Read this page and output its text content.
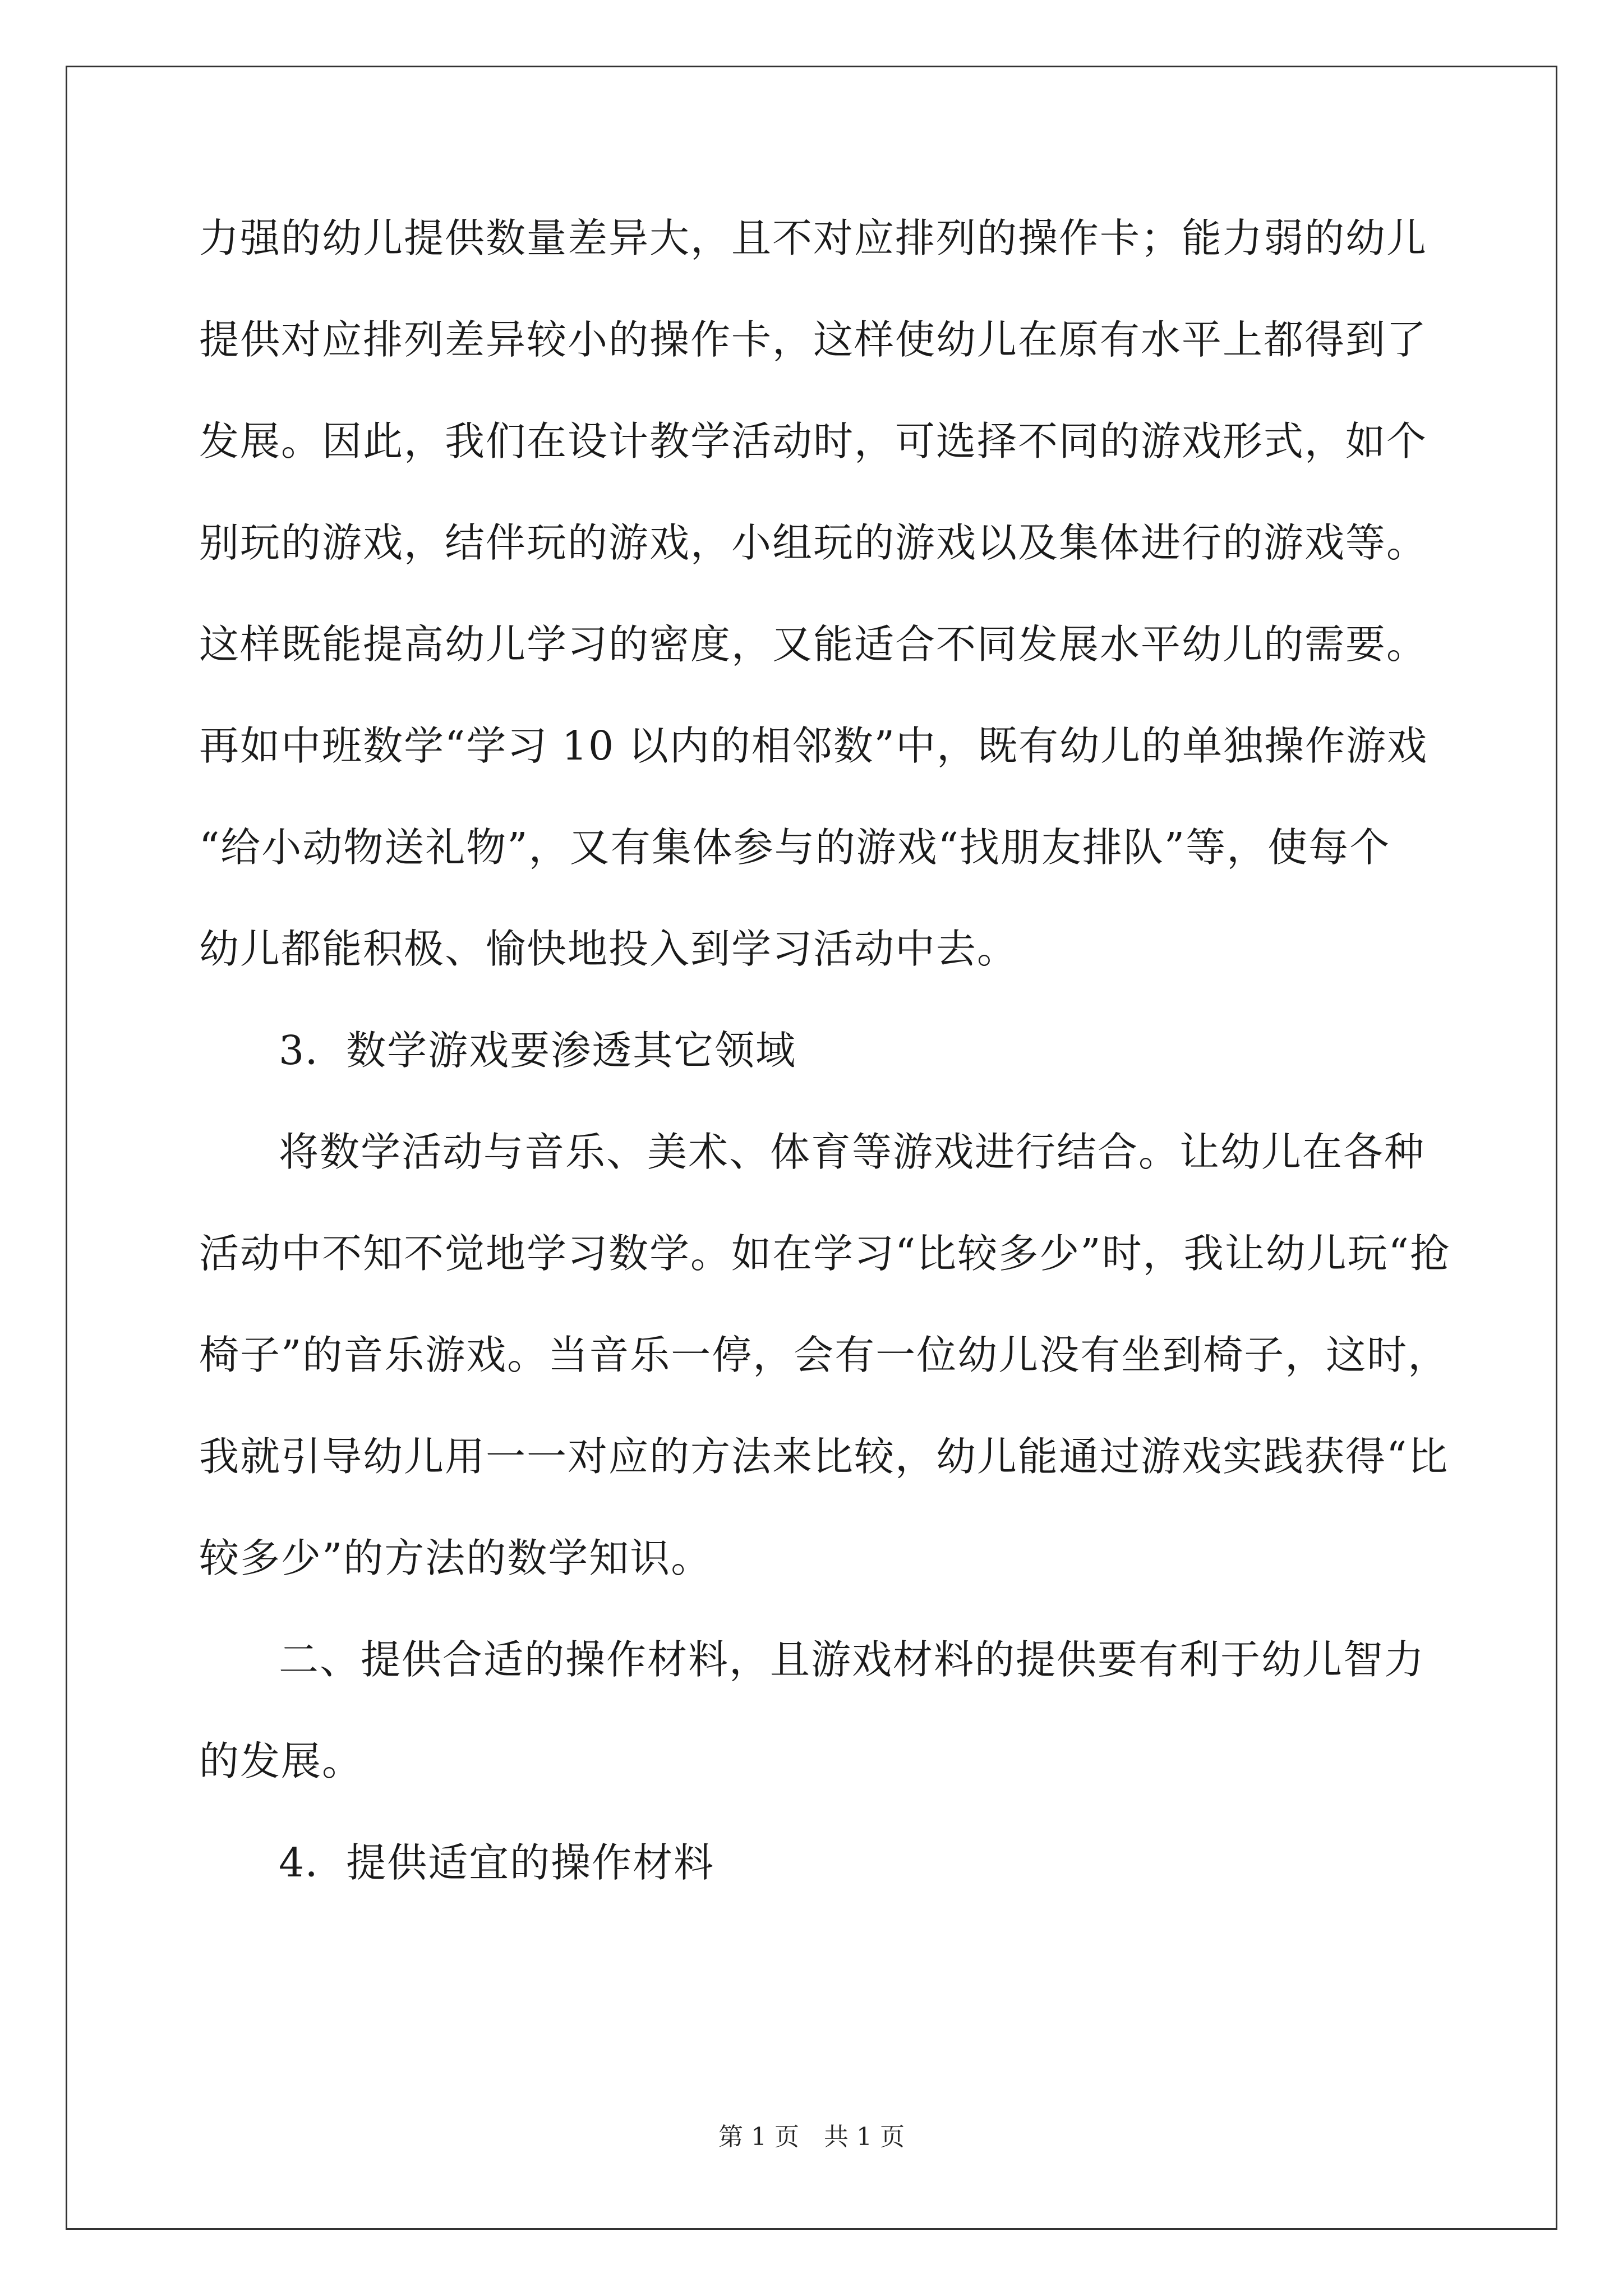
力强的幼儿提供数量差异大，且不对应排列的操作卡；能力弱的幼儿
提供对应排列差异较小的操作卡，这样使幼儿在原有水平上都得到了
发展。因此，我们在设计教学活动时，可选择不同的游戏形式，如个
别玩的游戏，结伴玩的游戏，小组玩的游戏以及集体进行的游戏等。
这样既能提高幼儿学习的密度，又能适合不同发展水平幼儿的需要。
再如中班数学“学习 10 以内的相邻数”中，既有幼儿的单独操作游戏
“给小动物送礼物”，又有集体参与的游戏“找朋友排队”等，使每个
幼儿都能积极、愉快地投入到学习活动中去。
3．数学游戏要渗透其它领域
将数学活动与音乐、美术、体育等游戏进行结合。让幼儿在各种
活动中不知不觉地学习数学。如在学习“比较多少”时，我让幼儿玩“抢
椅子”的音乐游戏。当音乐一停，会有一位幼儿没有坐到椅子，这时，
我就引导幼儿用一一对应的方法来比较，幼儿能通过游戏实践获得“比
较多少”的方法的数学知识。
二、提供合适的操作材料，且游戏材料的提供要有利于幼儿智力
的发展。
4．提供适宜的操作材料
第 1 页　共 1 页
